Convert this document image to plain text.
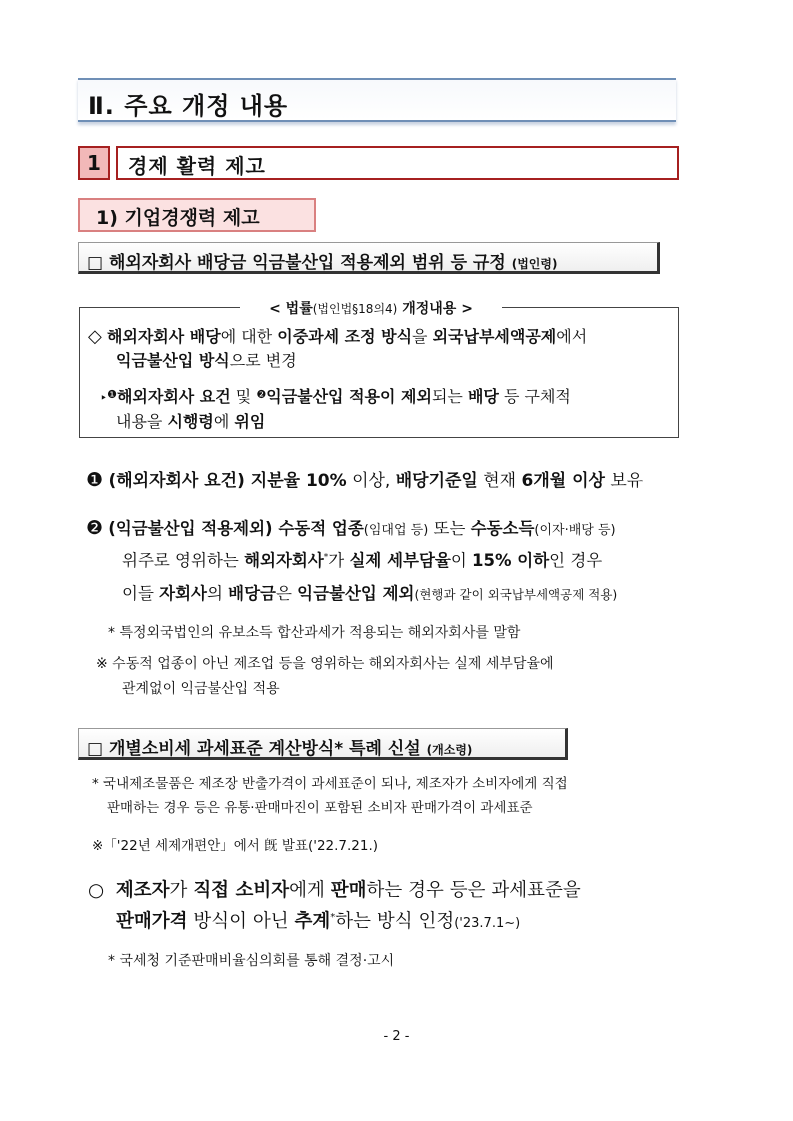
Ⅱ. 주요 개정 내용
1	경제 활력 제고
1) 기업경쟁력 제고
□ 해외자회사 배당금 익금불산입 적용제외 범위 등 규정 (법인령)
< 법률(법인법§18의4) 개정내용 >
◇ 해외자회사 배당에 대한 이중과세 조정 방식을 외국납부세액공제에서
익금불산입 방식으로 변경
‣$^❶$해외자회사 요건 및 $^❷$익금불산입 적용이 제외되는 배당 등 구체적
내용을 시행령에 위임
❶ (해외자회사 요건) 지분율 10% 이상, 배당기준일 현재 6개월 이상 보유
❷ (익금불산입 적용제외) 수동적 업종(임대업 등) 또는 수동소득(이자·배당 등)
위주로 영위하는 해외자회사*가 실제 세부담율이 15% 이하인 경우
이들 자회사의 배당금은 익금불산입 제외(현행과 같이 외국납부세액공제 적용)
* 특정외국법인의 유보소득 합산과세가 적용되는 해외자회사를 말함
※ 수동적 업종이 아닌 제조업 등을 영위하는 해외자회사는 실제 세부담율에
관계없이 익금불산입 적용
□ 개별소비세 과세표준 계산방식* 특례 신설 (개소령)
* 국내제조물품은 제조장 반출가격이 과세표준이 되나, 제조자가 소비자에게 직접
판매하는 경우 등은 유통·판매마진이 포함된 소비자 판매가격이 과세표준
※「'22년 세제개편안」에서 旣 발표('22.7.21.)
○ 제조자가 직접 소비자에게 판매하는 경우 등은 과세표준을
판매가격 방식이 아닌 추계*하는 방식 인정('23.7.1~)
* 국세청 기준판매비율심의회를 통해 결정·고시
- 2 -
